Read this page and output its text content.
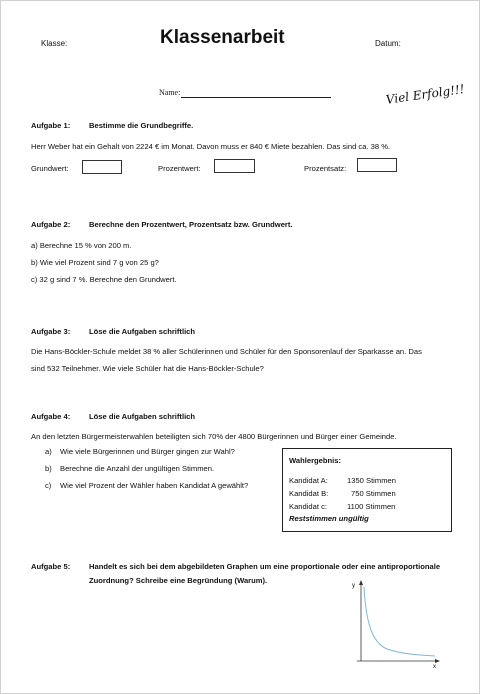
Klasse:	Klassenarbeit	Datum:
Name:	Viel Erfolg!!!
Aufgabe 1: Bestimme die Grundbegriffe.
Herr Weber hat ein Gehalt von 2224 € im Monat. Davon muss er 840 € Miete bezahlen. Das sind ca. 38 %.
Grundwert:	Prozentwert:	Prozentsatz:
Aufgabe 2: Berechne den Prozentwert, Prozentsatz bzw. Grundwert.
a) Berechne 15 % von 200 m.
b) Wie viel Prozent sind 7 g von 25 g?
c) 32 g sind 7 %. Berechne den Grundwert.
Aufgabe 3: Löse die Aufgaben schriftlich
Die Hans-Böckler-Schule meldet 38 % aller Schülerinnen und Schüler für den Sponsorenlauf der Sparkasse an. Das
sind 532 Teilnehmer. Wie viele Schüler hat die Hans-Böckler-Schule?
Aufgabe 4: Löse die Aufgaben schriftlich
An den letzten Bürgermeisterwahlen beteiligten sich 70% der 4800 Bürgerinnen und Bürger einer Gemeinde.
a) Wie viele Bürgerinnen und Bürger gingen zur Wahl?
b) Berechne die Anzahl der ungültigen Stimmen.
c) Wie viel Prozent der Wähler haben Kandidat A gewählt?
Wahlergebnis:
Kandidat A:	1350 Stimmen
Kandidat B:	750 Stimmen
Kandidat c:	1100 Stimmen
Reststimmen ungültig
Aufgabe 5: Handelt es sich bei dem abgebildeten Graphen um eine proportionale oder eine antiproportionale
Zuordnung? Schreibe eine Begründung (Warum).
y
x
